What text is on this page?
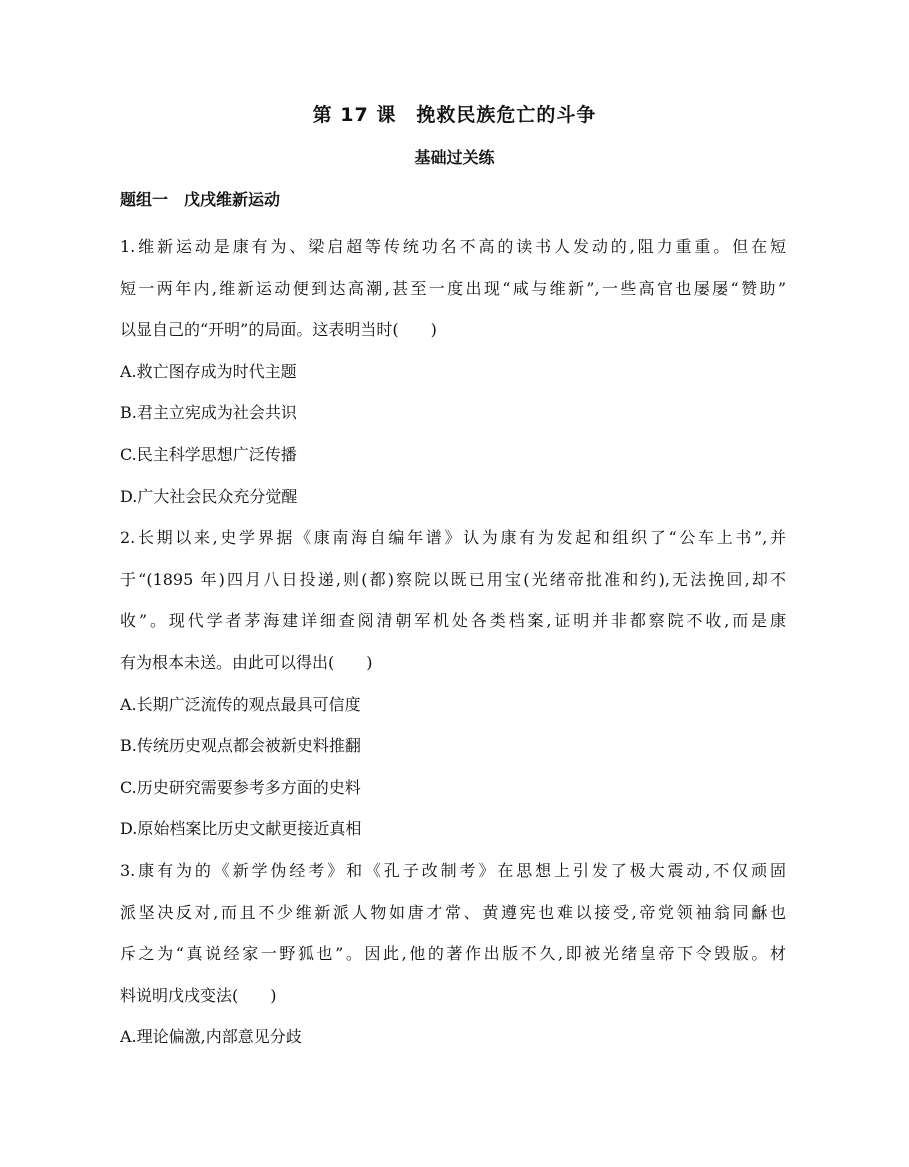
第 17 课　挽救民族危亡的斗争
基础过关练
题组一　戊戌维新运动
1.维新运动是康有为、梁启超等传统功名不高的读书人发动的,阻力重重。但在短
短一两年内,维新运动便到达高潮,甚至一度出现“咸与维新”,一些高官也屡屡“赞助”
以显自己的“开明”的局面。这表明当时(　　)
A.救亡图存成为时代主题
B.君主立宪成为社会共识
C.民主科学思想广泛传播
D.广大社会民众充分觉醒
2.长期以来,史学界据《康南海自编年谱》认为康有为发起和组织了“公车上书”,并
于“(1895 年)四月八日投递,则(都)察院以既已用宝(光绪帝批准和约),无法挽回,却不
收”。现代学者茅海建详细查阅清朝军机处各类档案,证明并非都察院不收,而是康
有为根本未送。由此可以得出(　　)
A.长期广泛流传的观点最具可信度
B.传统历史观点都会被新史料推翻
C.历史研究需要参考多方面的史料
D.原始档案比历史文献更接近真相
3.康有为的《新学伪经考》和《孔子改制考》在思想上引发了极大震动,不仅顽固
派坚决反对,而且不少维新派人物如唐才常、黄遵宪也难以接受,帝党领袖翁同龢也
斥之为“真说经家一野狐也”。因此,他的著作出版不久,即被光绪皇帝下令毁版。材
料说明戊戌变法(　　)
A.理论偏激,内部意见分歧
